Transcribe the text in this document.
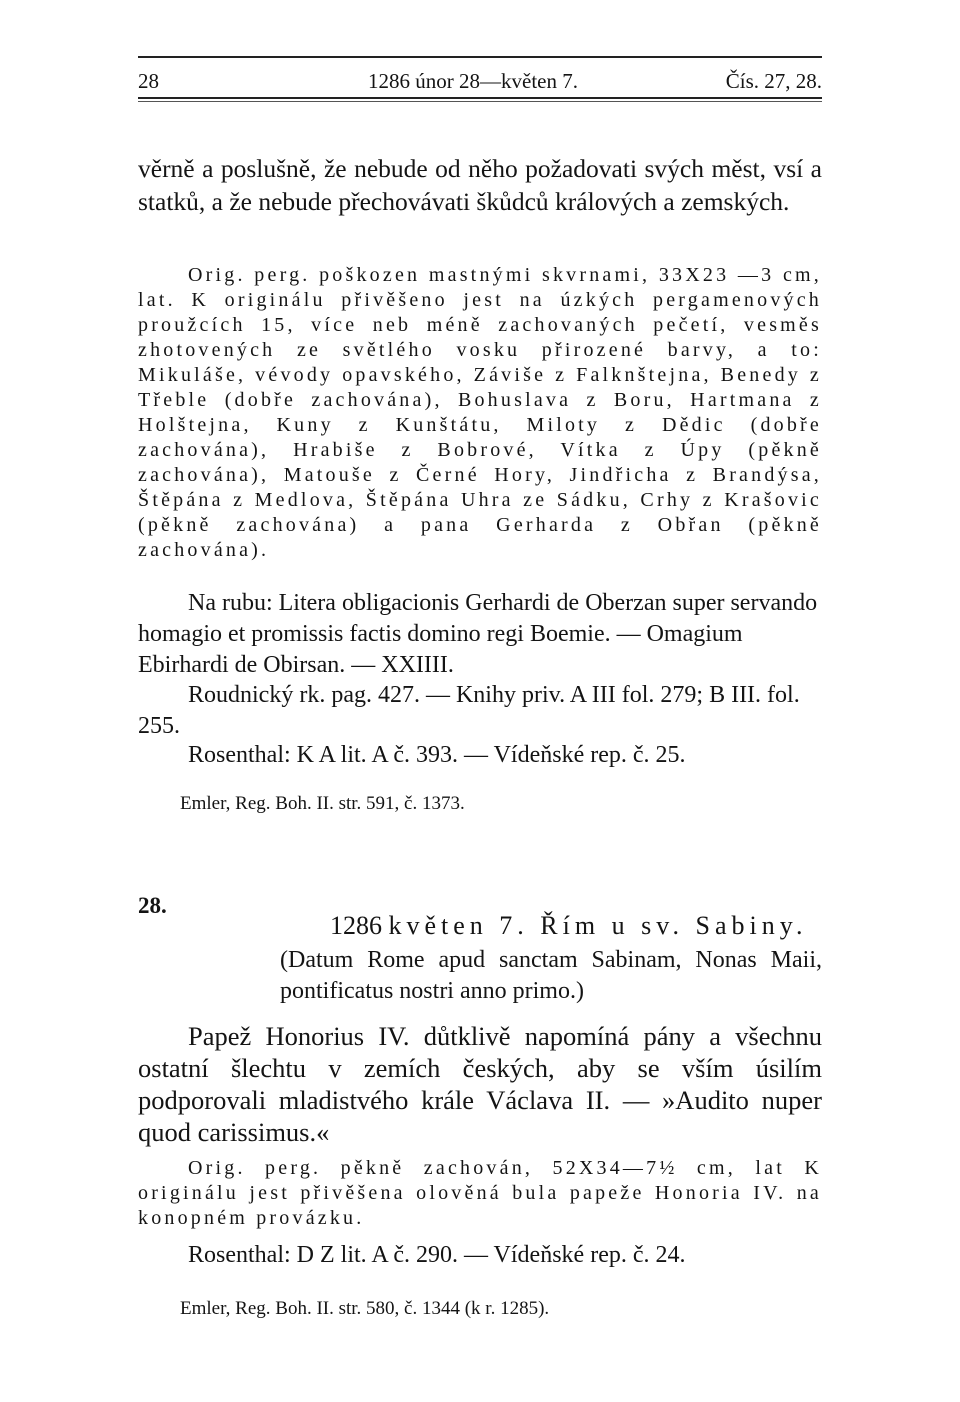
28	1286 únor 28—květen 7.	Čís. 27, 28.

věrně a poslušně, že nebude od něho požadovati svých měst, vsí a statků, a že nebude přechovávati škůdců králových a zemských.

Orig. perg. poškozen mastnými skvrnami, 33X23 —3 cm, lat. K originálu přivěšeno jest na úzkých pergamenových proužcích 15, více neb méně zachovaných pečetí, vesměs zhotovených ze světlého vosku přirozené barvy, a to: Mikuláše, vévody opavského, Záviše z Falknštejna, Benedy z Třeble (dobře zachována), Bohuslava z Boru, Hartmana z Holštejna, Kuny z Kunštátu, Miloty z Dědic (dobře zachována), Hrabiše z Bobrové, Vítka z Úpy (pěkně zachována), Matouše z Černé Hory, Jindřicha z Brandýsa, Štěpána z Medlova, Štěpána Uhra ze Sádku, Crhy z Krašovic (pěkně zachována) a pana Gerharda z Obřan (pěkně zachována).

Na rubu: Litera obligacionis Gerhardi de Oberzan super servando homagio et promissis factis domino regi Boemie. — Omagium Ebirhardi de Obirsan. — XXIIII.

Roudnický rk. pag. 427. — Knihy priv. A III fol. 279; B III. fol. 255.

Rosenthal: K A lit. A č. 393. — Vídeňské rep. č. 25.

Emler, Reg. Boh. II. str. 591, č. 1373.

28.
1286 květen 7. Řím u sv. Sabiny.

(Datum Rome apud sanctam Sabinam, Nonas Maii, pontificatus nostri anno primo.)

Papež Honorius IV. důtklivě napomíná pány a všechnu ostatní šlechtu v zemích českých, aby se vším úsilím podporovali mladistvého krále Václava II. — »Audito nuper quod carissimus.«

Orig. perg. pěkně zachován, 52X34—7½ cm, lat K originálu jest přivěšena olověná bula papeže Honoria IV. na konopném provázku.

Rosenthal: D Z lit. A č. 290. — Vídeňské rep. č. 24.

Emler, Reg. Boh. II. str. 580, č. 1344 (k r. 1285).
